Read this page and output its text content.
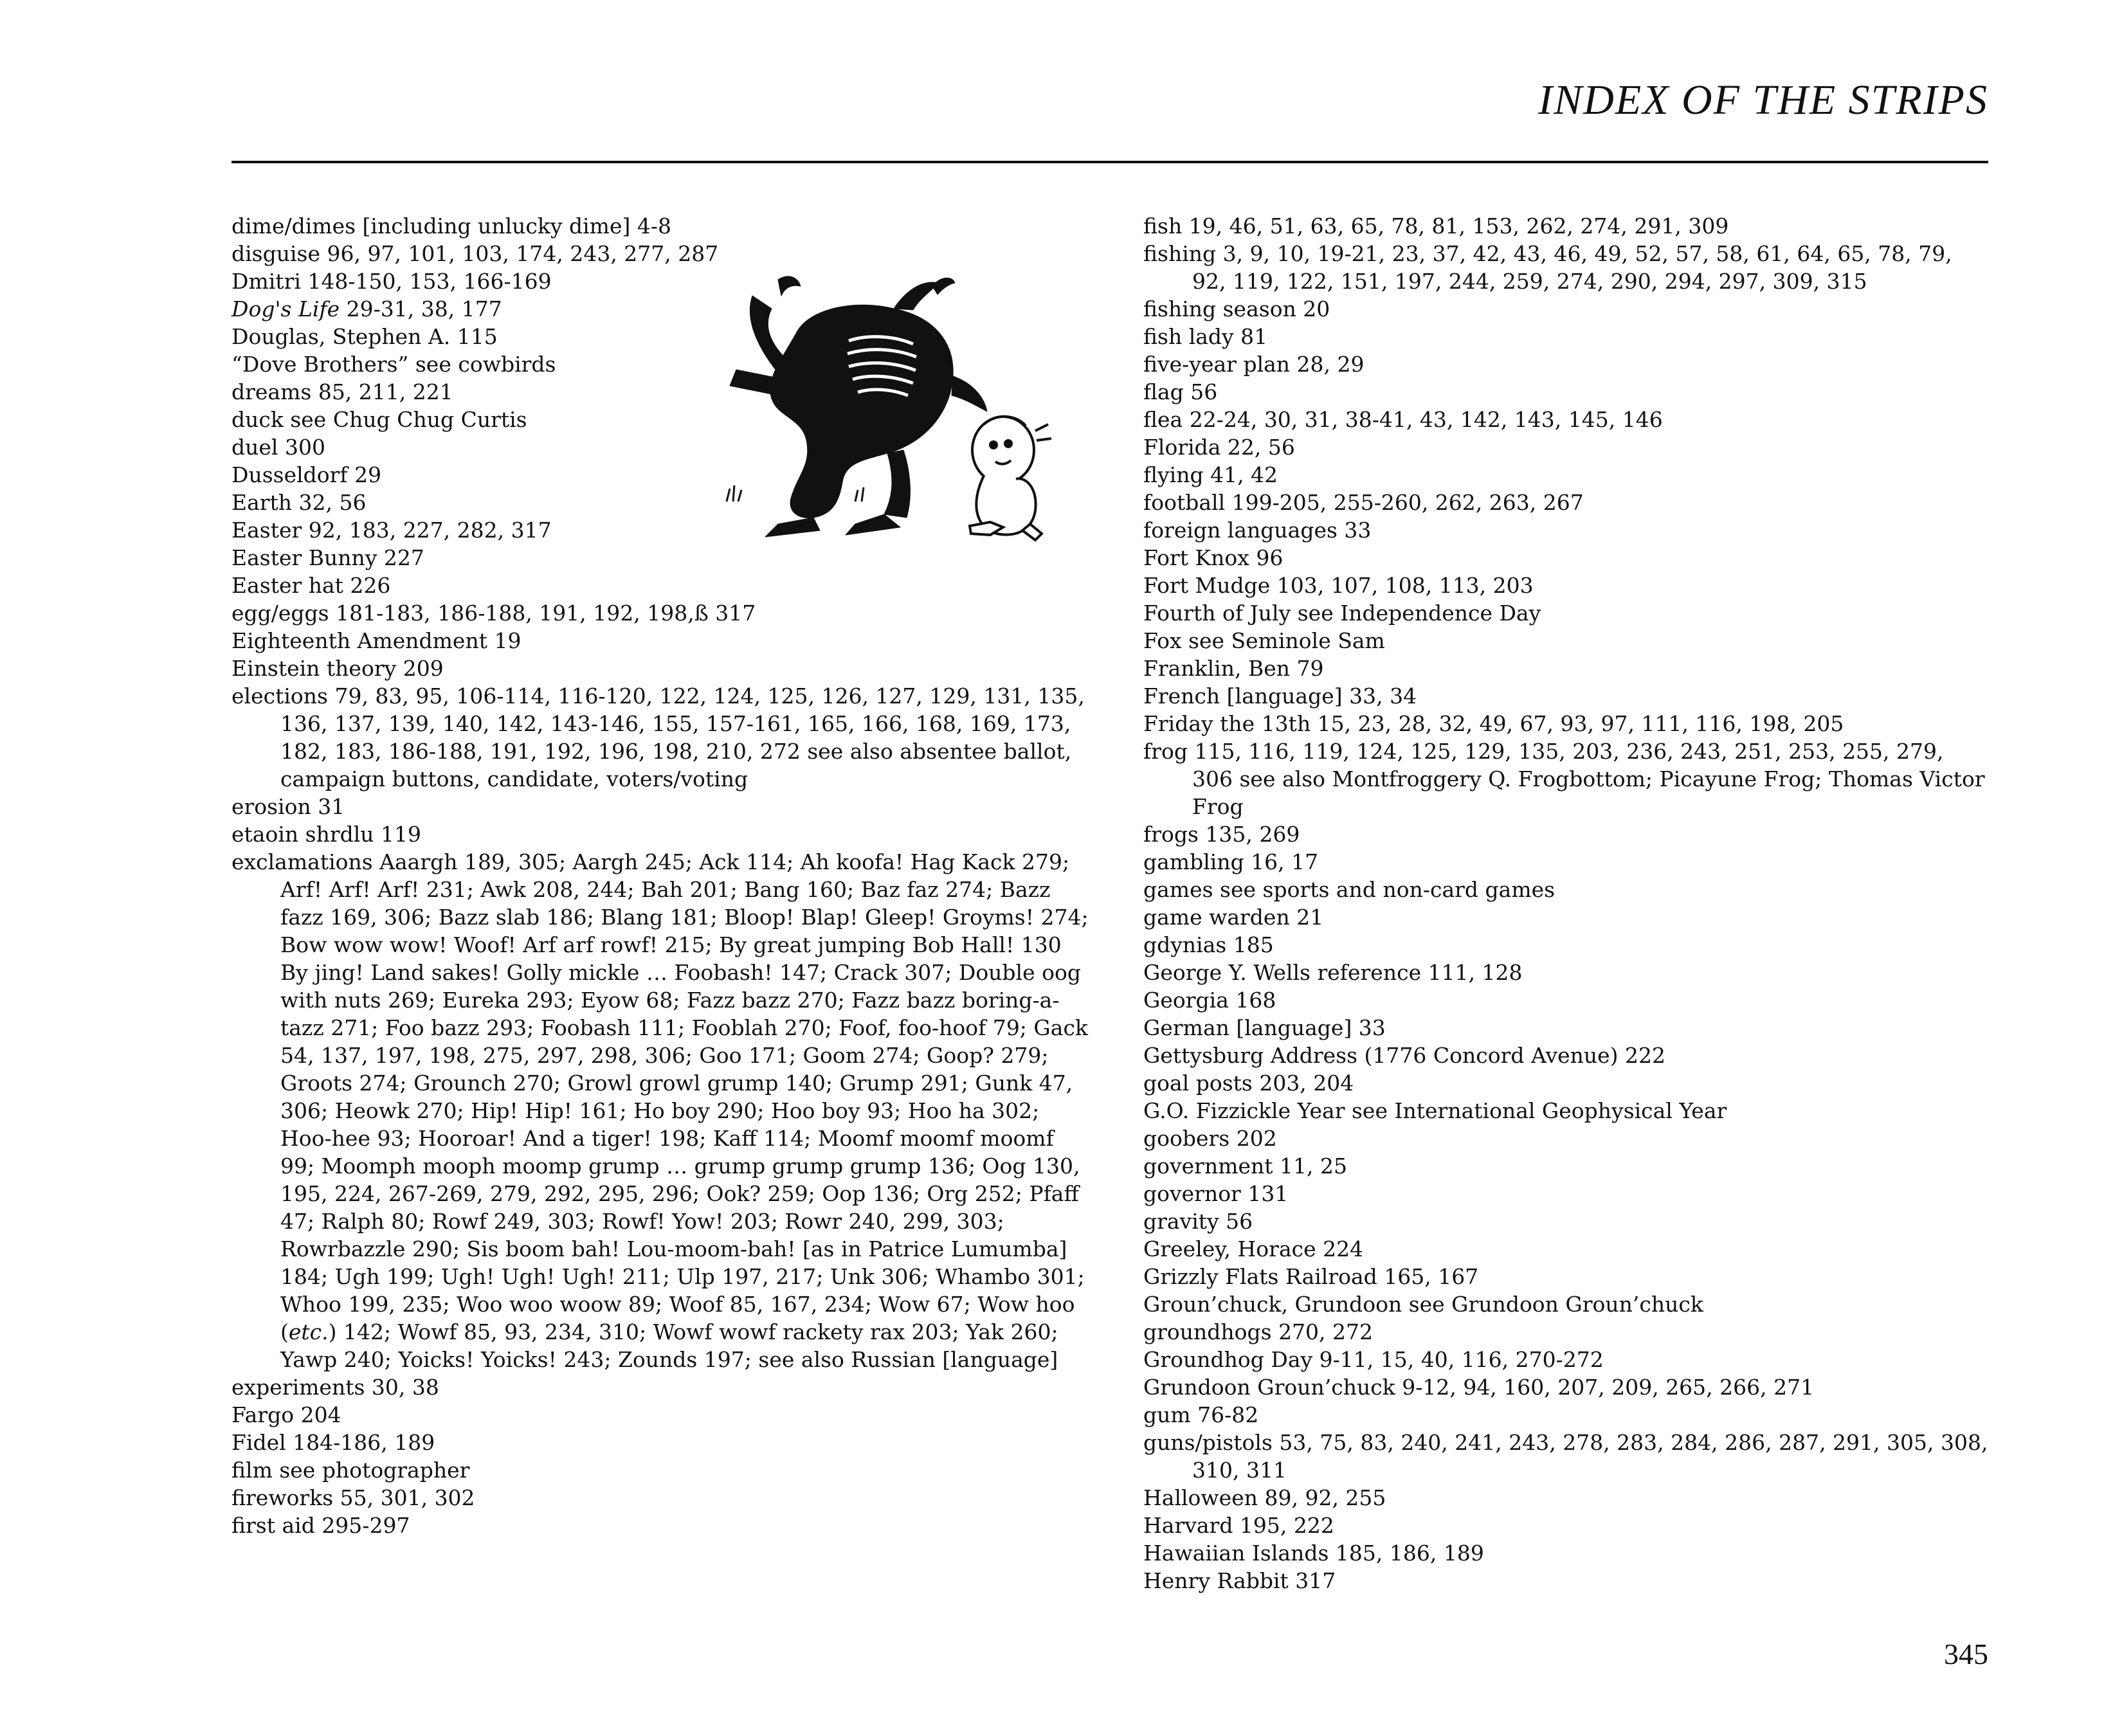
INDEX OF THE STRIPS
dime/dimes [including unlucky dime] 4-8
disguise 96, 97, 101, 103, 174, 243, 277, 287
Dmitri 148-150, 153, 166-169
Dog's Life 29-31, 38, 177
Douglas, Stephen A. 115
“Dove Brothers” see cowbirds
dreams 85, 211, 221
duck see Chug Chug Curtis
duel 300
Dusseldorf 29
Earth 32, 56
Easter 92, 183, 227, 282, 317
Easter Bunny 227
Easter hat 226
egg/eggs 181-183, 186-188, 191, 192, 198,ß 317
Eighteenth Amendment 19
Einstein theory 209
elections 79, 83, 95, 106-114, 116-120, 122, 124, 125, 126, 127, 129, 131, 135, 136, 137, 139, 140, 142, 143-146, 155, 157-161, 165, 166, 168, 169, 173, 182, 183, 186-188, 191, 192, 196, 198, 210, 272 see also absentee ballot, campaign buttons, candidate, voters/voting
erosion 31
etaoin shrdlu 119
exclamations Aaargh 189, 305; Aargh 245; Ack 114; Ah koofa! Hag Kack 279; Arf! Arf! Arf! 231; Awk 208, 244; Bah 201; Bang 160; Baz faz 274; Bazz fazz 169, 306; Bazz slab 186; Blang 181; Bloop! Blap! Gleep! Groyms! 274; Bow wow wow! Woof! Arf arf rowf! 215; By great jumping Bob Hall! 130 By jing! Land sakes! Golly mickle … Foobash! 147; Crack 307; Double oog with nuts 269; Eureka 293; Eyow 68; Fazz bazz 270; Fazz bazz boring-a-tazz 271; Foo bazz 293; Foobash 111; Fooblah 270; Foof, foo-hoof 79; Gack 54, 137, 197, 198, 275, 297, 298, 306; Goo 171; Goom 274; Goop? 279; Groots 274; Grounch 270; Growl growl grump 140; Grump 291; Gunk 47, 306; Heowk 270; Hip! Hip! 161; Ho boy 290; Hoo boy 93; Hoo ha 302; Hoo-hee 93; Hooroar! And a tiger! 198; Kaff 114; Moomf moomf moomf 99; Moomph mooph moomp grump … grump grump grump 136; Oog 130, 195, 224, 267-269, 279, 292, 295, 296; Ook? 259; Oop 136; Org 252; Pfaff 47; Ralph 80; Rowf 249, 303; Rowf! Yow! 203; Rowr 240, 299, 303; Rowrbazzle 290; Sis boom bah! Lou-moom-bah! [as in Patrice Lumumba] 184; Ugh 199; Ugh! Ugh! Ugh! 211; Ulp 197, 217; Unk 306; Whambo 301; Whoo 199, 235; Woo woo woow 89; Woof 85, 167, 234; Wow 67; Wow hoo (etc.) 142; Wowf 85, 93, 234, 310; Wowf wowf rackety rax 203; Yak 260; Yawp 240; Yoicks! Yoicks! 243; Zounds 197; see also Russian [language]
experiments 30, 38
Fargo 204
Fidel 184-186, 189
film see photographer
fireworks 55, 301, 302
first aid 295-297
fish 19, 46, 51, 63, 65, 78, 81, 153, 262, 274, 291, 309
fishing 3, 9, 10, 19-21, 23, 37, 42, 43, 46, 49, 52, 57, 58, 61, 64, 65, 78, 79, 92, 119, 122, 151, 197, 244, 259, 274, 290, 294, 297, 309, 315
fishing season 20
fish lady 81
five-year plan 28, 29
flag 56
flea 22-24, 30, 31, 38-41, 43, 142, 143, 145, 146
Florida 22, 56
flying 41, 42
football 199-205, 255-260, 262, 263, 267
foreign languages 33
Fort Knox 96
Fort Mudge 103, 107, 108, 113, 203
Fourth of July see Independence Day
Fox see Seminole Sam
Franklin, Ben 79
French [language] 33, 34
Friday the 13th 15, 23, 28, 32, 49, 67, 93, 97, 111, 116, 198, 205
frog 115, 116, 119, 124, 125, 129, 135, 203, 236, 243, 251, 253, 255, 279, 306 see also Montfroggery Q. Frogbottom; Picayune Frog; Thomas Victor Frog
frogs 135, 269
gambling 16, 17
games see sports and non-card games
game warden 21
gdynias 185
George Y. Wells reference 111, 128
Georgia 168
German [language] 33
Gettysburg Address (1776 Concord Avenue) 222
goal posts 203, 204
G.O. Fizzickle Year see International Geophysical Year
goobers 202
government 11, 25
governor 131
gravity 56
Greeley, Horace 224
Grizzly Flats Railroad 165, 167
Groun’chuck, Grundoon see Grundoon Groun’chuck
groundhogs 270, 272
Groundhog Day 9-11, 15, 40, 116, 270-272
Grundoon Groun’chuck 9-12, 94, 160, 207, 209, 265, 266, 271
gum 76-82
guns/pistols 53, 75, 83, 240, 241, 243, 278, 283, 284, 286, 287, 291, 305, 308, 310, 311
Halloween 89, 92, 255
Harvard 195, 222
Hawaiian Islands 185, 186, 189
Henry Rabbit 317
345
